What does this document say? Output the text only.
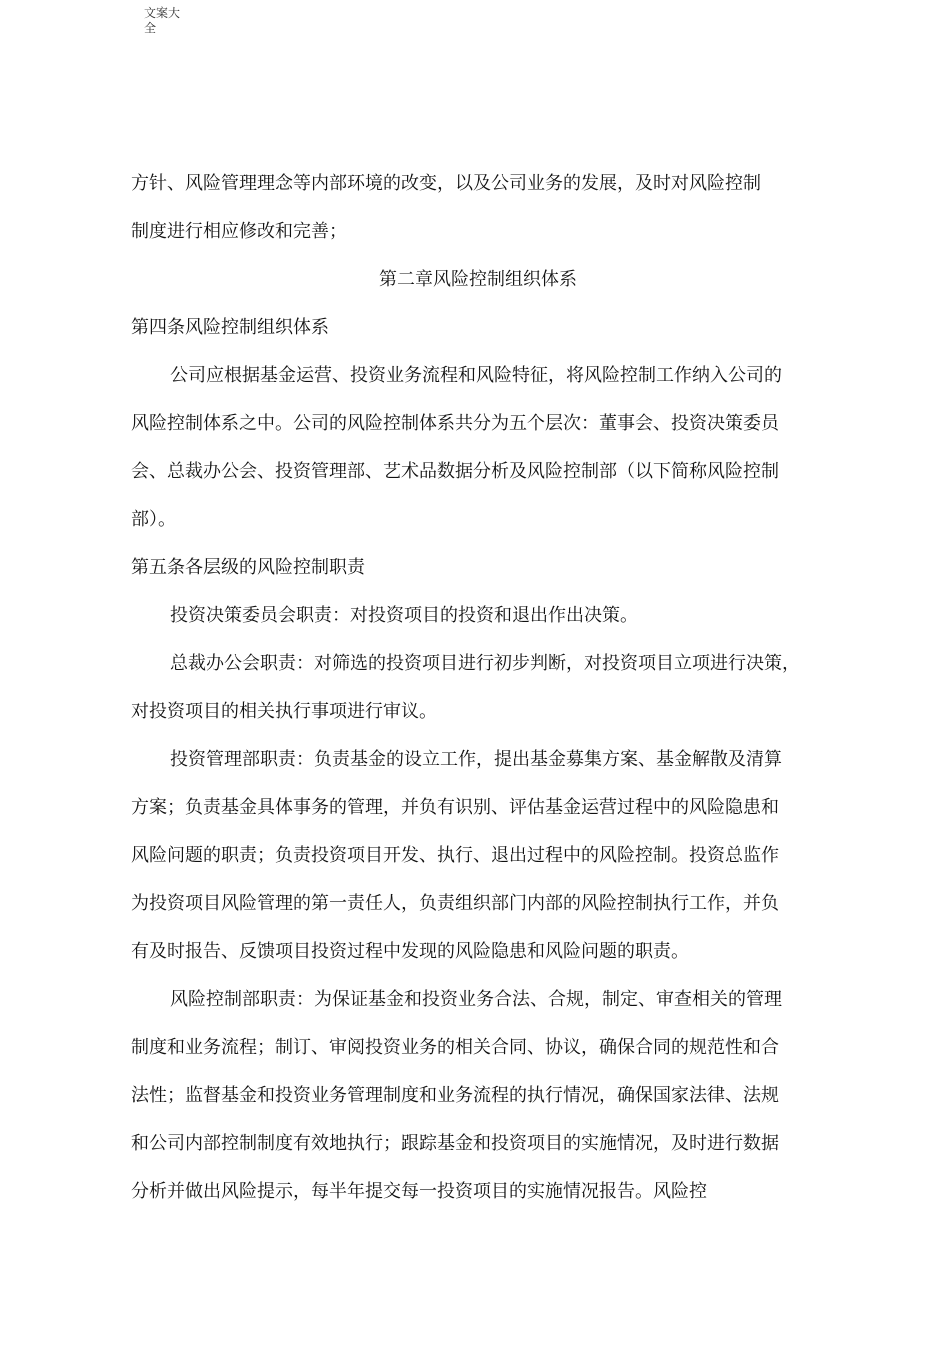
文案大
全
方针、风险管理理念等内部环境的改变，以及公司业务的发展，及时对风险控制
制度进行相应修改和完善；
第二章风险控制组织体系
第四条风险控制组织体系
公司应根据基金运营、投资业务流程和风险特征，将风险控制工作纳入公司的
风险控制体系之中。公司的风险控制体系共分为五个层次：董事会、投资决策委员
会、总裁办公会、投资管理部、艺术品数据分析及风险控制部（以下简称风险控制
部）。
第五条各层级的风险控制职责
投资决策委员会职责：对投资项目的投资和退出作出决策。
总裁办公会职责：对筛选的投资项目进行初步判断，对投资项目立项进行决策，
对投资项目的相关执行事项进行审议。
投资管理部职责：负责基金的设立工作，提出基金募集方案、基金解散及清算
方案；负责基金具体事务的管理，并负有识别、评估基金运营过程中的风险隐患和
风险问题的职责；负责投资项目开发、执行、退出过程中的风险控制。投资总监作
为投资项目风险管理的第一责任人，负责组织部门内部的风险控制执行工作，并负
有及时报告、反馈项目投资过程中发现的风险隐患和风险问题的职责。
风险控制部职责：为保证基金和投资业务合法、合规，制定、审查相关的管理
制度和业务流程；制订、审阅投资业务的相关合同、协议，确保合同的规范性和合
法性；监督基金和投资业务管理制度和业务流程的执行情况，确保国家法律、法规
和公司内部控制制度有效地执行；跟踪基金和投资项目的实施情况，及时进行数据
分析并做出风险提示，每半年提交每一投资项目的实施情况报告。风险控
